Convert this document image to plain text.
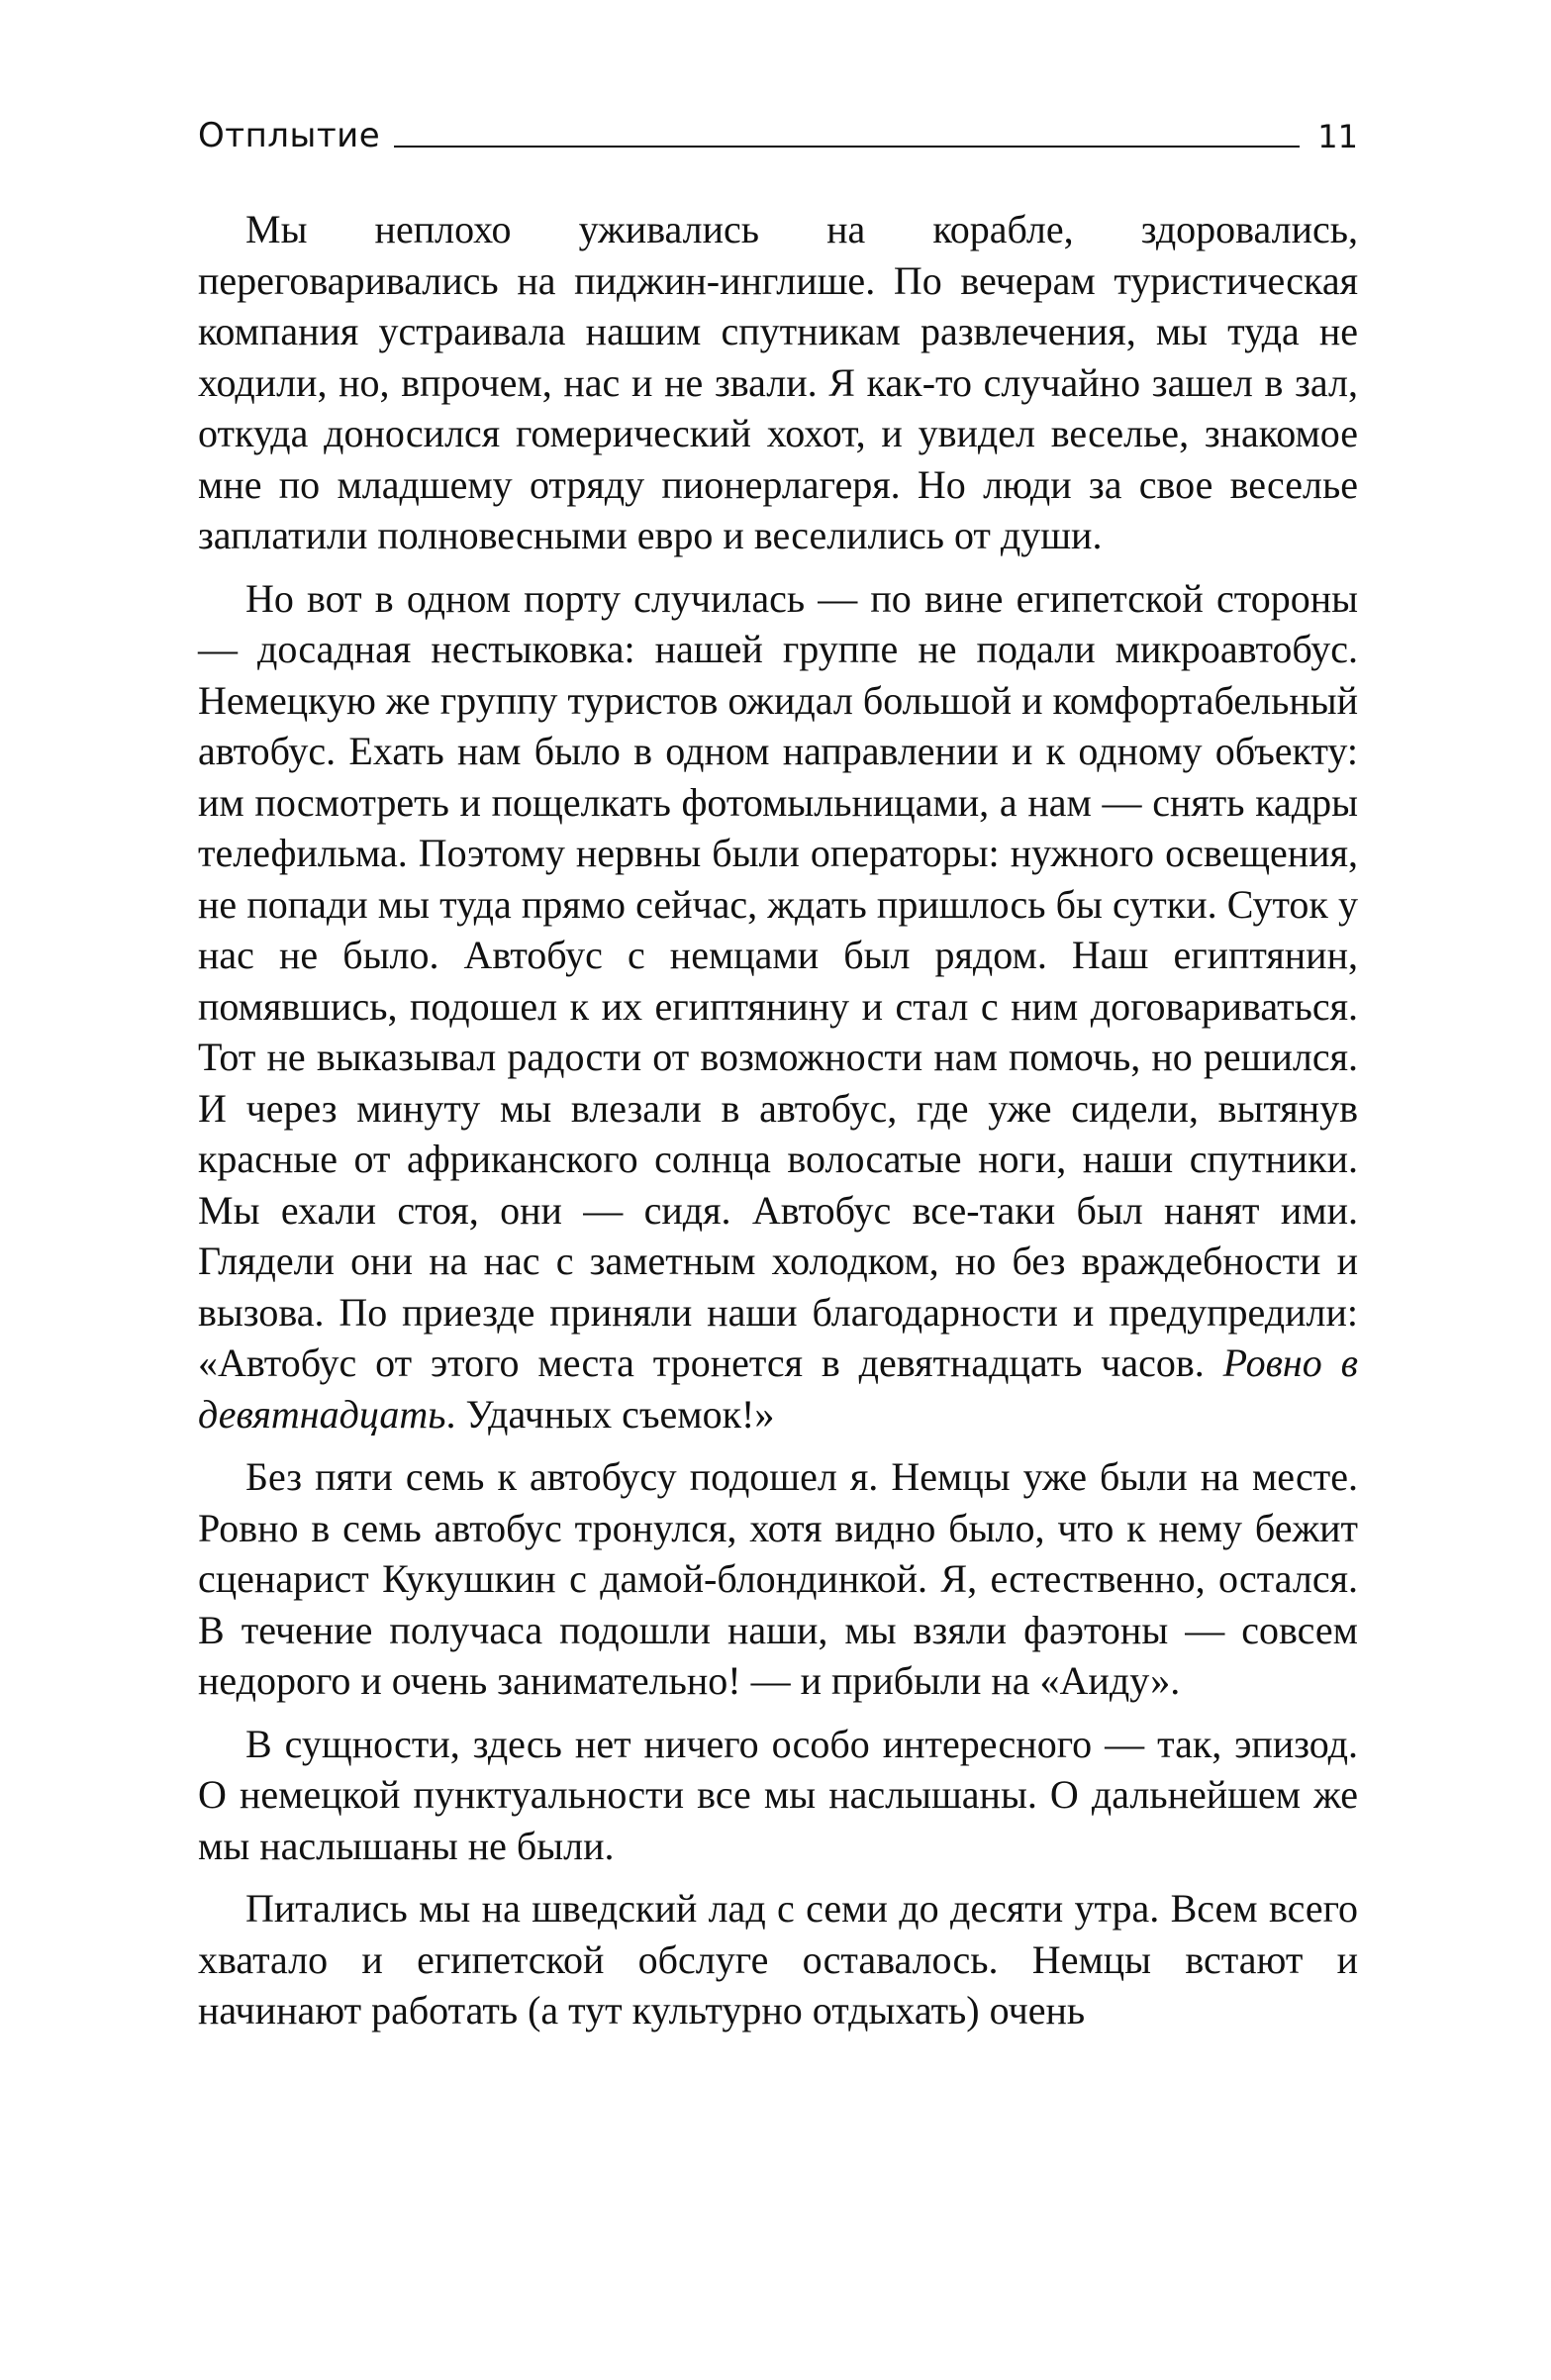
Отплытие	11

Мы неплохо уживались на корабле, здоровались, переговаривались на пиджин-инглише. По вечерам туристическая компания устраивала нашим спутникам развлечения, мы туда не ходили, но, впрочем, нас и не звали. Я как-то случайно зашел в зал, откуда доносился гомерический хохот, и увидел веселье, знакомое мне по младшему отряду пионерлагеря. Но люди за свое веселье заплатили полновесными евро и веселились от души.

Но вот в одном порту случилась — по вине египетской стороны — досадная нестыковка: нашей группе не подали микроавтобус. Немецкую же группу туристов ожидал большой и комфортабельный автобус. Ехать нам было в одном направлении и к одному объекту: им посмотреть и пощелкать фотомыльницами, а нам — снять кадры телефильма. Поэтому нервны были операторы: нужного освещения, не попади мы туда прямо сейчас, ждать пришлось бы сутки. Суток у нас не было. Автобус с немцами был рядом. Наш египтянин, помявшись, подошел к их египтянину и стал с ним договариваться. Тот не выказывал радости от возможности нам помочь, но решился. И через минуту мы влезали в автобус, где уже сидели, вытянув красные от африканского солнца волосатые ноги, наши спутники. Мы ехали стоя, они — сидя. Автобус все-таки был нанят ими. Глядели они на нас с заметным холодком, но без враждебности и вызова. По приезде приняли наши благодарности и предупредили: «Автобус от этого места тронется в девятнадцать часов. Ровно в девятнадцать. Удачных съемок!»

Без пяти семь к автобусу подошел я. Немцы уже были на месте. Ровно в семь автобус тронулся, хотя видно было, что к нему бежит сценарист Кукушкин с дамой-блондинкой. Я, естественно, остался. В течение получаса подошли наши, мы взяли фаэтоны — совсем недорого и очень занимательно! — и прибыли на «Аиду».

В сущности, здесь нет ничего особо интересного — так, эпизод. О немецкой пунктуальности все мы наслышаны. О дальнейшем же мы наслышаны не были.

Питались мы на шведский лад с семи до десяти утра. Всем всего хватало и египетской обслуге оставалось. Немцы встают и начинают работать (а тут культурно отдыхать) очень
